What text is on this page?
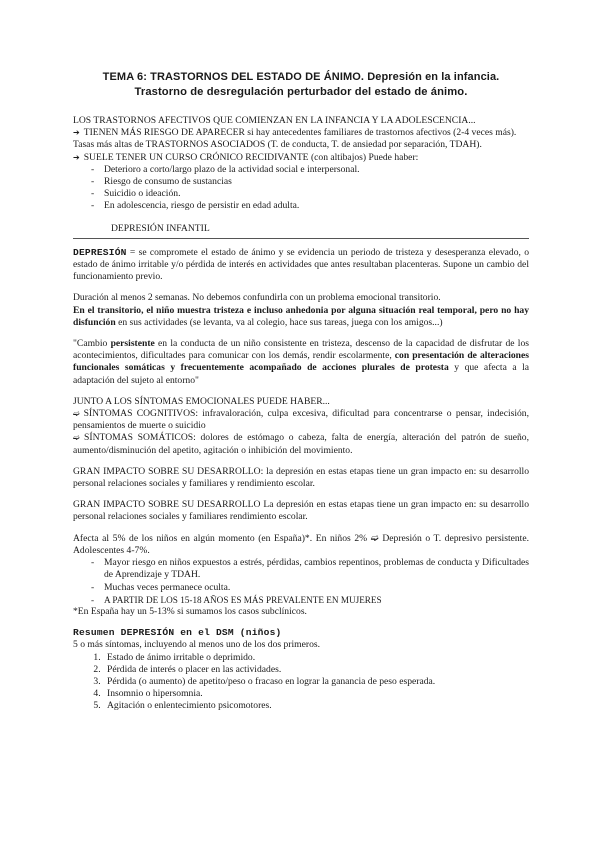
TEMA 6: TRASTORNOS DEL ESTADO DE ÁNIMO. Depresión en la infancia.
Trastorno de desregulación perturbador del estado de ánimo.

LOS TRASTORNOS AFECTIVOS QUE COMIENZAN EN LA INFANCIA Y LA ADOLESCENCIA...

➔ TIENEN MÁS RIESGO DE APARECER si hay antecedentes familiares de trastornos afectivos (2-4 veces más). Tasas más altas de TRASTORNOS ASOCIADOS (T. de conducta, T. de ansiedad por separación, TDAH).

➔ SUELE TENER UN CURSO CRÓNICO RECIDIVANTE (con altibajos) Puede haber:

- Deterioro a corto/largo plazo de la actividad social e interpersonal.
- Riesgo de consumo de sustancias
- Suicidio o ideación.
- En adolescencia, riesgo de persistir en edad adulta.

DEPRESIÓN INFANTIL

DEPRESIÓN = se compromete el estado de ánimo y se evidencia un periodo de tristeza y desesperanza elevado, o estado de ánimo irritable y/o pérdida de interés en actividades que antes resultaban placenteras. Supone un cambio del funcionamiento previo.

Duración al menos 2 semanas. No debemos confundirla con un problema emocional transitorio.

En el transitorio, el niño muestra tristeza e incluso anhedonia por alguna situación real temporal, pero no hay disfunción en sus actividades (se levanta, va al colegio, hace sus tareas, juega con los amigos...)

"Cambio persistente en la conducta de un niño consistente en tristeza, descenso de la capacidad de disfrutar de los acontecimientos, dificultades para comunicar con los demás, rendir escolarmente, con presentación de alteraciones funcionales somáticas y frecuentemente acompañado de acciones plurales de protesta y que afecta a la adaptación del sujeto al entorno"

JUNTO A LOS SÍNTOMAS EMOCIONALES PUEDE HABER...

➫ SÍNTOMAS COGNITIVOS: infravaloración, culpa excesiva, dificultad para concentrarse o pensar, indecisión, pensamientos de muerte o suicidio

➫ SÍNTOMAS SOMÁTICOS: dolores de estómago o cabeza, falta de energía, alteración del patrón de sueño, aumento/disminución del apetito, agitación o inhibición del movimiento.

GRAN IMPACTO SOBRE SU DESARROLLO: la depresión en estas etapas tiene un gran impacto en: su desarrollo personal relaciones sociales y familiares y rendimiento escolar.

GRAN IMPACTO SOBRE SU DESARROLLO La depresión en estas etapas tiene un gran impacto en: su desarrollo personal relaciones sociales y familiares rendimiento escolar.

Afecta al 5% de los niños en algún momento (en España)*. En niños 2% ➫ Depresión o T. depresivo persistente. Adolescentes 4-7%.

- Mayor riesgo en niños expuestos a estrés, pérdidas, cambios repentinos, problemas de conducta y Dificultades de Aprendizaje y TDAH.
- Muchas veces permanece oculta.
- A PARTIR DE LOS 15-18 AÑOS ES MÁS PREVALENTE EN MUJERES

*En España hay un 5-13% si sumamos los casos subclínicos.

Resumen DEPRESIÓN en el DSM (niños)

5 o más síntomas, incluyendo al menos uno de los dos primeros.

1. Estado de ánimo irritable o deprimido.
2. Pérdida de interés o placer en las actividades.
3. Pérdida (o aumento) de apetito/peso o fracaso en lograr la ganancia de peso esperada.
4. Insomnio o hipersomnia.
5. Agitación o enlentecimiento psicomotores.
